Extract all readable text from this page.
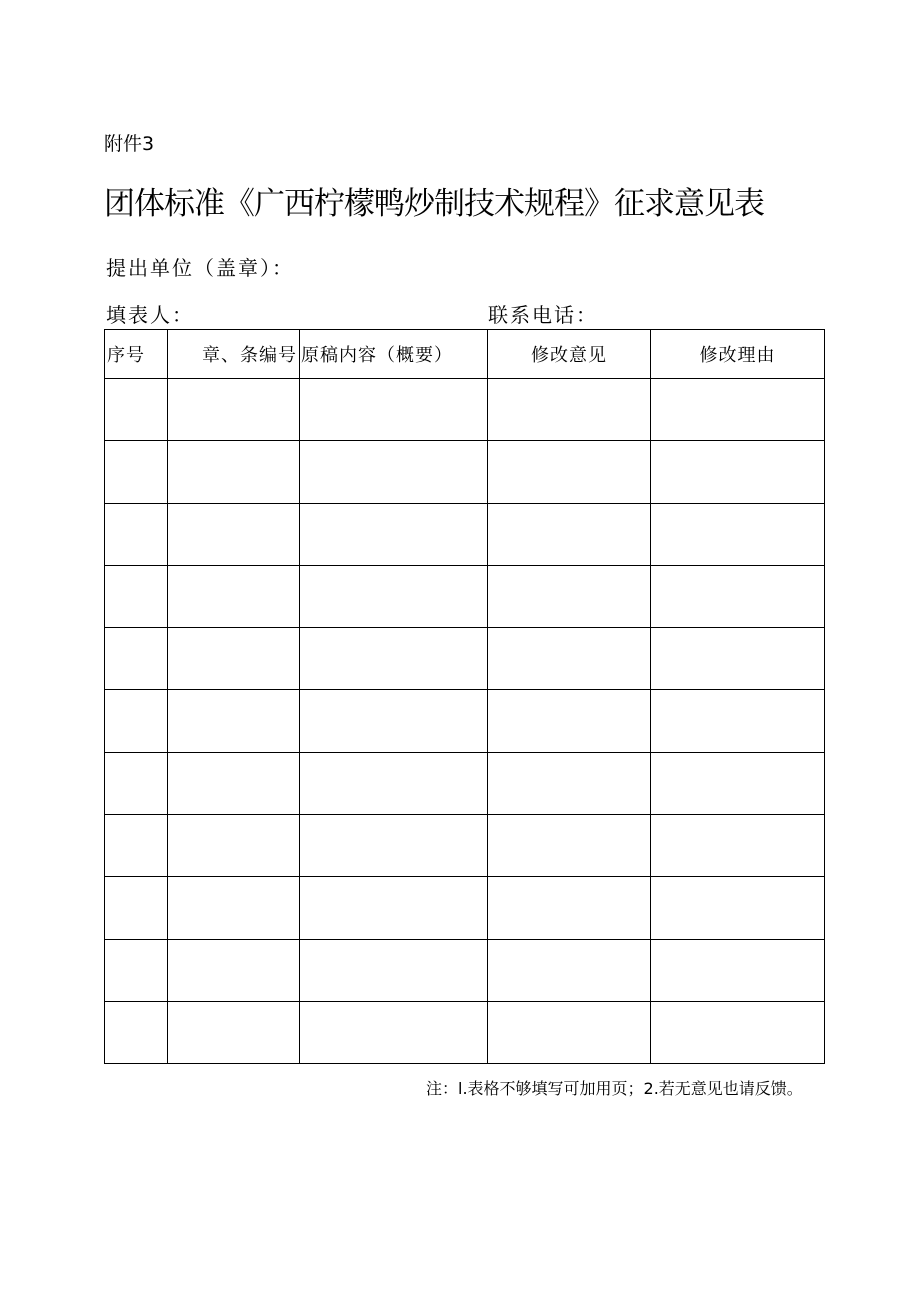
附件3
团体标准《广西柠檬鸭炒制技术规程》征求意见表
提出单位（盖章）：
填表人：	联系电话：
序号	章、条编号	原稿内容（概要）	修改意见	修改理由

注：l.表格不够填写可加用页；2.若无意见也请反馈。
